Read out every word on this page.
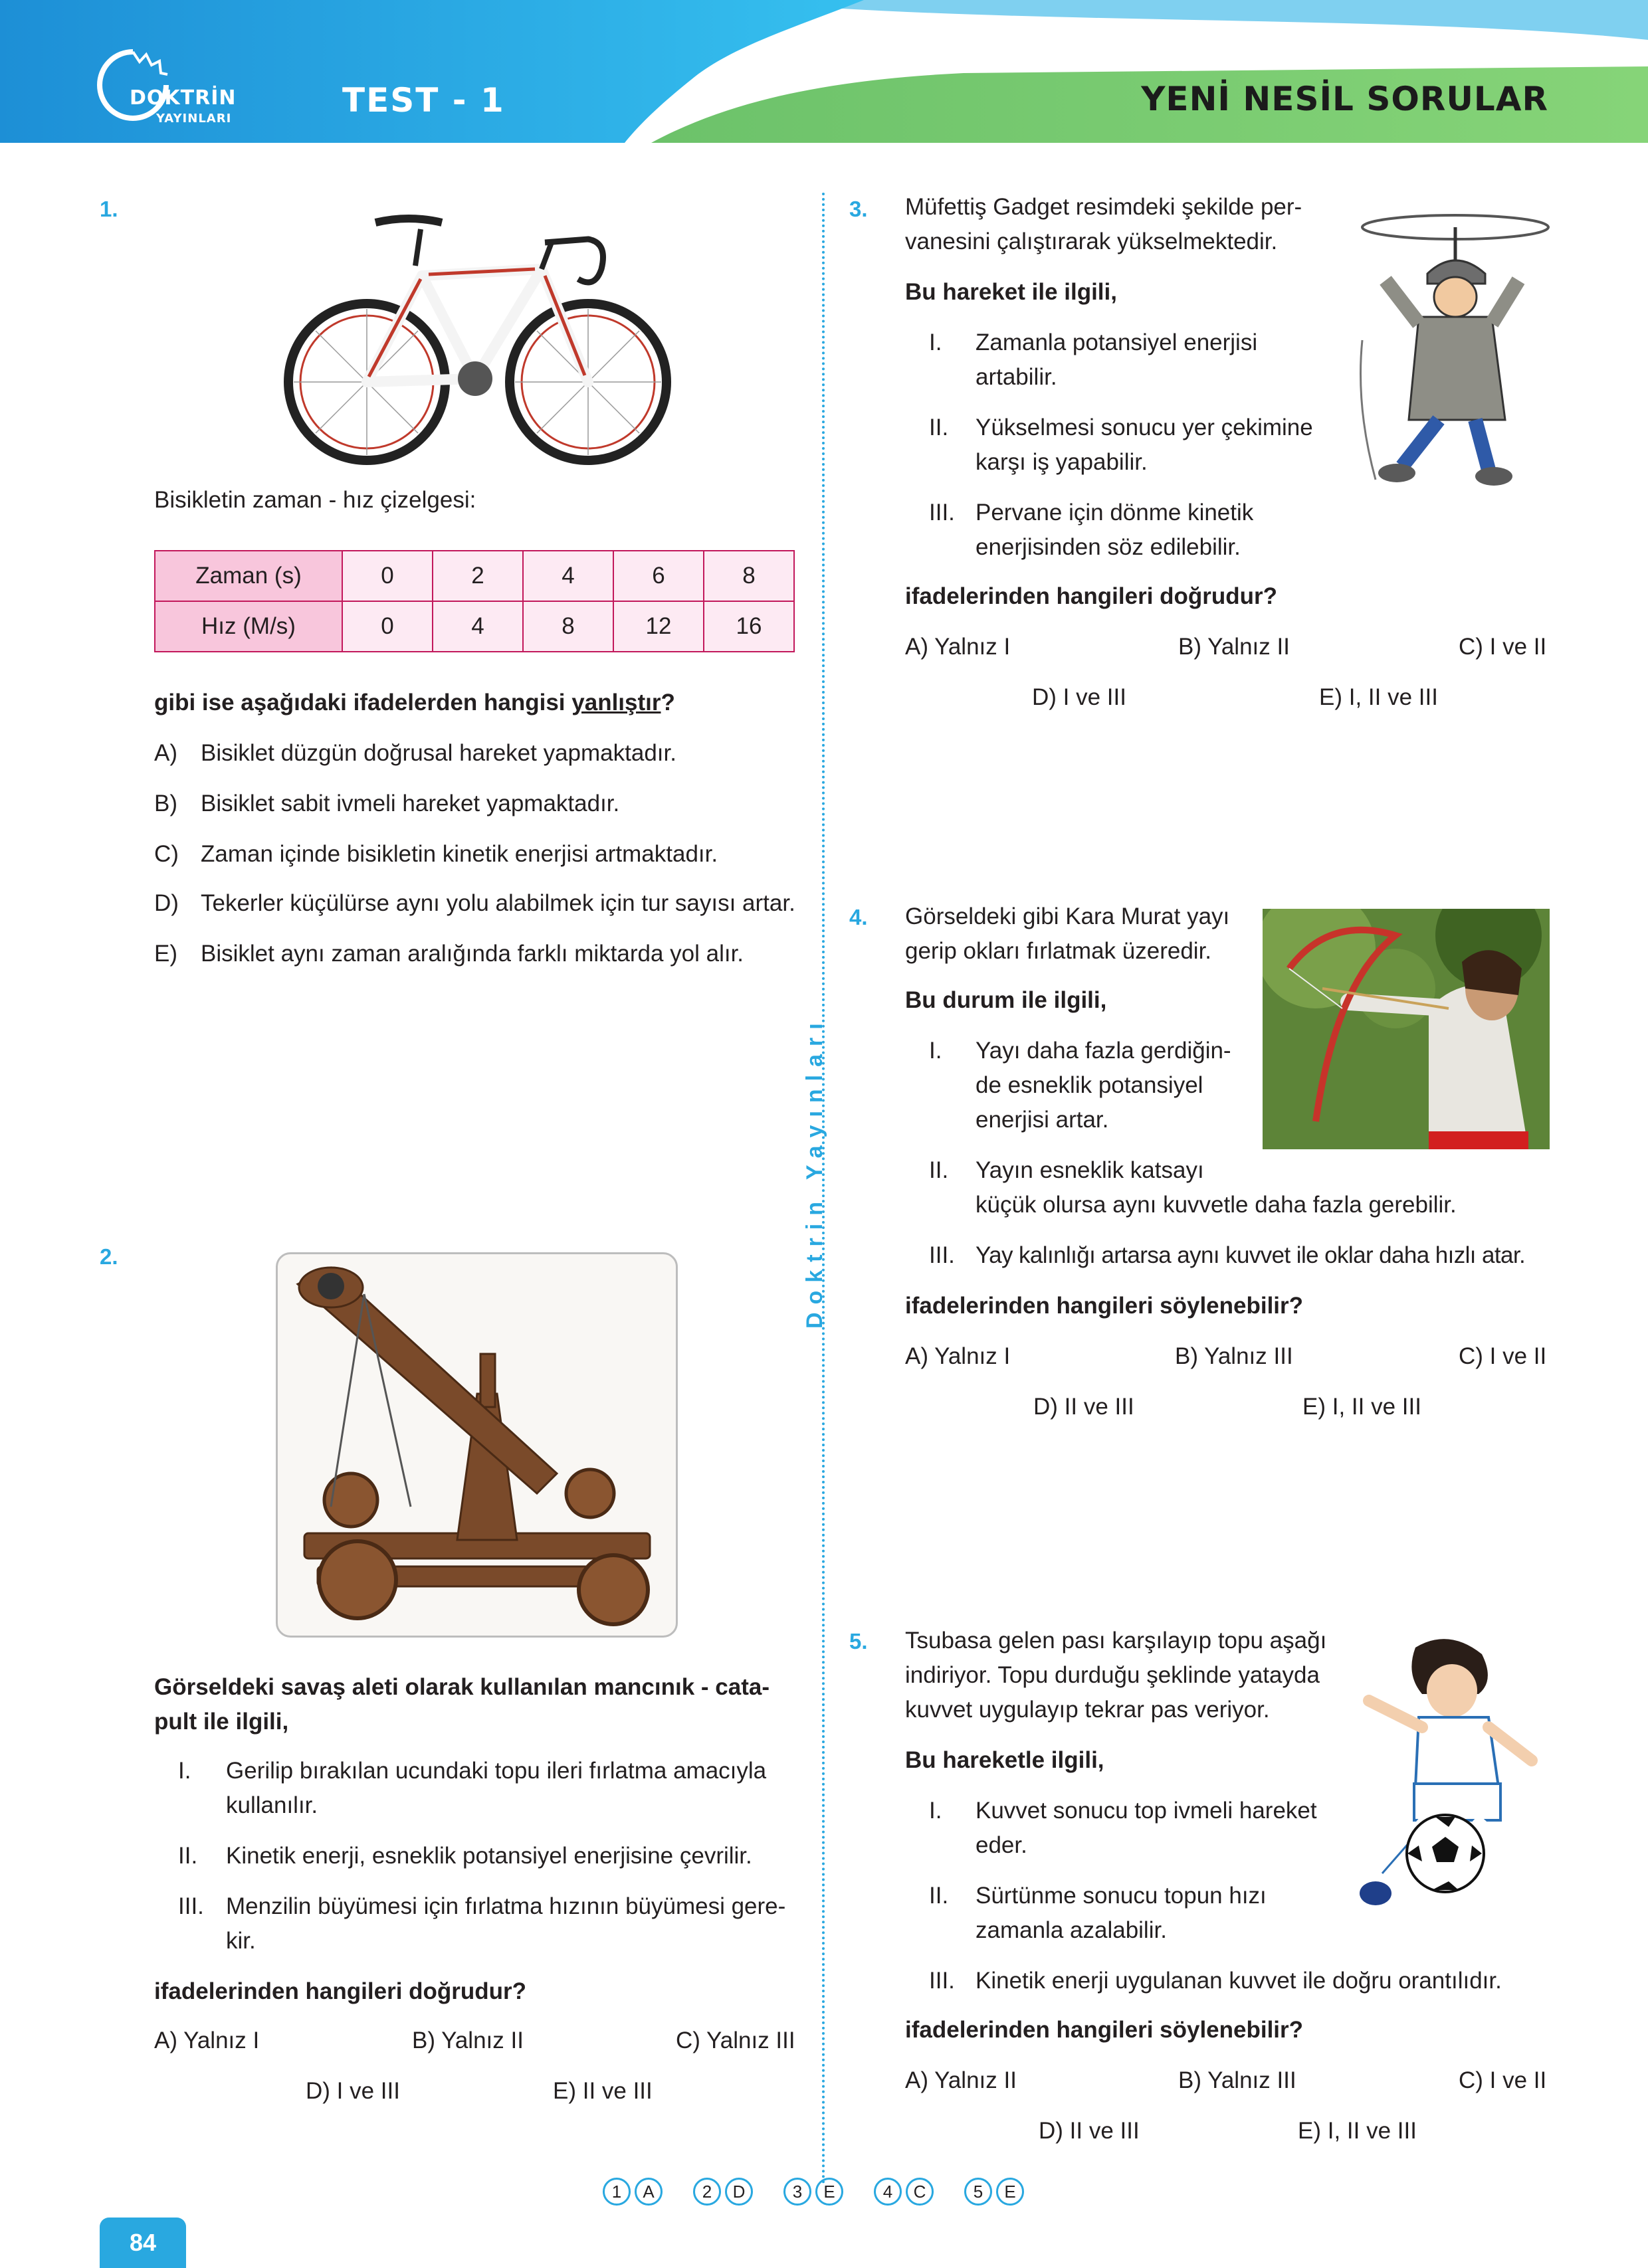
DOKTRİN
YAYINLARI	TEST - 1	YENİ NESİL SORULAR
1.
Bisikletin zaman - hız çizelgesi:
Zaman (s)	0	2	4	6	8
Hız (M/s)	0	4	8	12	16
gibi ise aşağıdaki ifadelerden hangisi yanlıştır?
A) Bisiklet düzgün doğrusal hareket yapmaktadır.
B) Bisiklet sabit ivmeli hareket yapmaktadır.
C) Zaman içinde bisikletin kinetik enerjisi artmaktadır.
D) Tekerler küçülürse aynı yolu alabilmek için tur sayısı artar.
E) Bisiklet aynı zaman aralığında farklı miktarda yol alır.
2.
Görseldeki savaş aleti olarak kullanılan mancınık - cata-
pult ile ilgili,
I. Gerilip bırakılan ucundaki topu ileri fırlatma amacıyla
kullanılır.
II. Kinetik enerji, esneklik potansiyel enerjisine çevrilir.
III. Menzilin büyümesi için fırlatma hızının büyümesi gere-
kir.
ifadelerinden hangileri doğrudur?
A) Yalnız I	B) Yalnız II	C) Yalnız III
D) I ve III	E) II ve III
Doktrin Yayınları
3. Müfettiş Gadget resimdeki şekilde per-
vanesini çalıştırarak yükselmektedir.
Bu hareket ile ilgili,
I. Zamanla potansiyel enerjisi
artabilir.
II. Yükselmesi sonucu yer çekimine
karşı iş yapabilir.
III. Pervane için dönme kinetik
enerjisinden söz edilebilir.
ifadelerinden hangileri doğrudur?
A) Yalnız I	B) Yalnız II	C) I ve II
D) I ve III	E) I, II ve III
4. Görseldeki gibi Kara Murat yayı
gerip okları fırlatmak üzeredir.
Bu durum ile ilgili,
I. Yayı daha fazla gerdiğin-
de esneklik potansiyel
enerjisi artar.
II. Yayın esneklik katsayı
küçük olursa aynı kuvvetle daha fazla gerebilir.
III. Yay kalınlığı artarsa aynı kuvvet ile oklar daha hızlı atar.
ifadelerinden hangileri söylenebilir?
A) Yalnız I	B) Yalnız III	C) I ve II
D) II ve III	E) I, II ve III
5. Tsubasa gelen pası karşılayıp topu aşağı
indiriyor. Topu durduğu şeklinde yatayda
kuvvet uygulayıp tekrar pas veriyor.
Bu hareketle ilgili,
I. Kuvvet sonucu top ivmeli hareket
eder.
II. Sürtünme sonucu topun hızı
zamanla azalabilir.
III. Kinetik enerji uygulanan kuvvet ile doğru orantılıdır.
ifadelerinden hangileri söylenebilir?
A) Yalnız II	B) Yalnız III	C) I ve II
D) II ve III	E) I, II ve III
1	A	2	D	3	E	4	C	5	E
84
